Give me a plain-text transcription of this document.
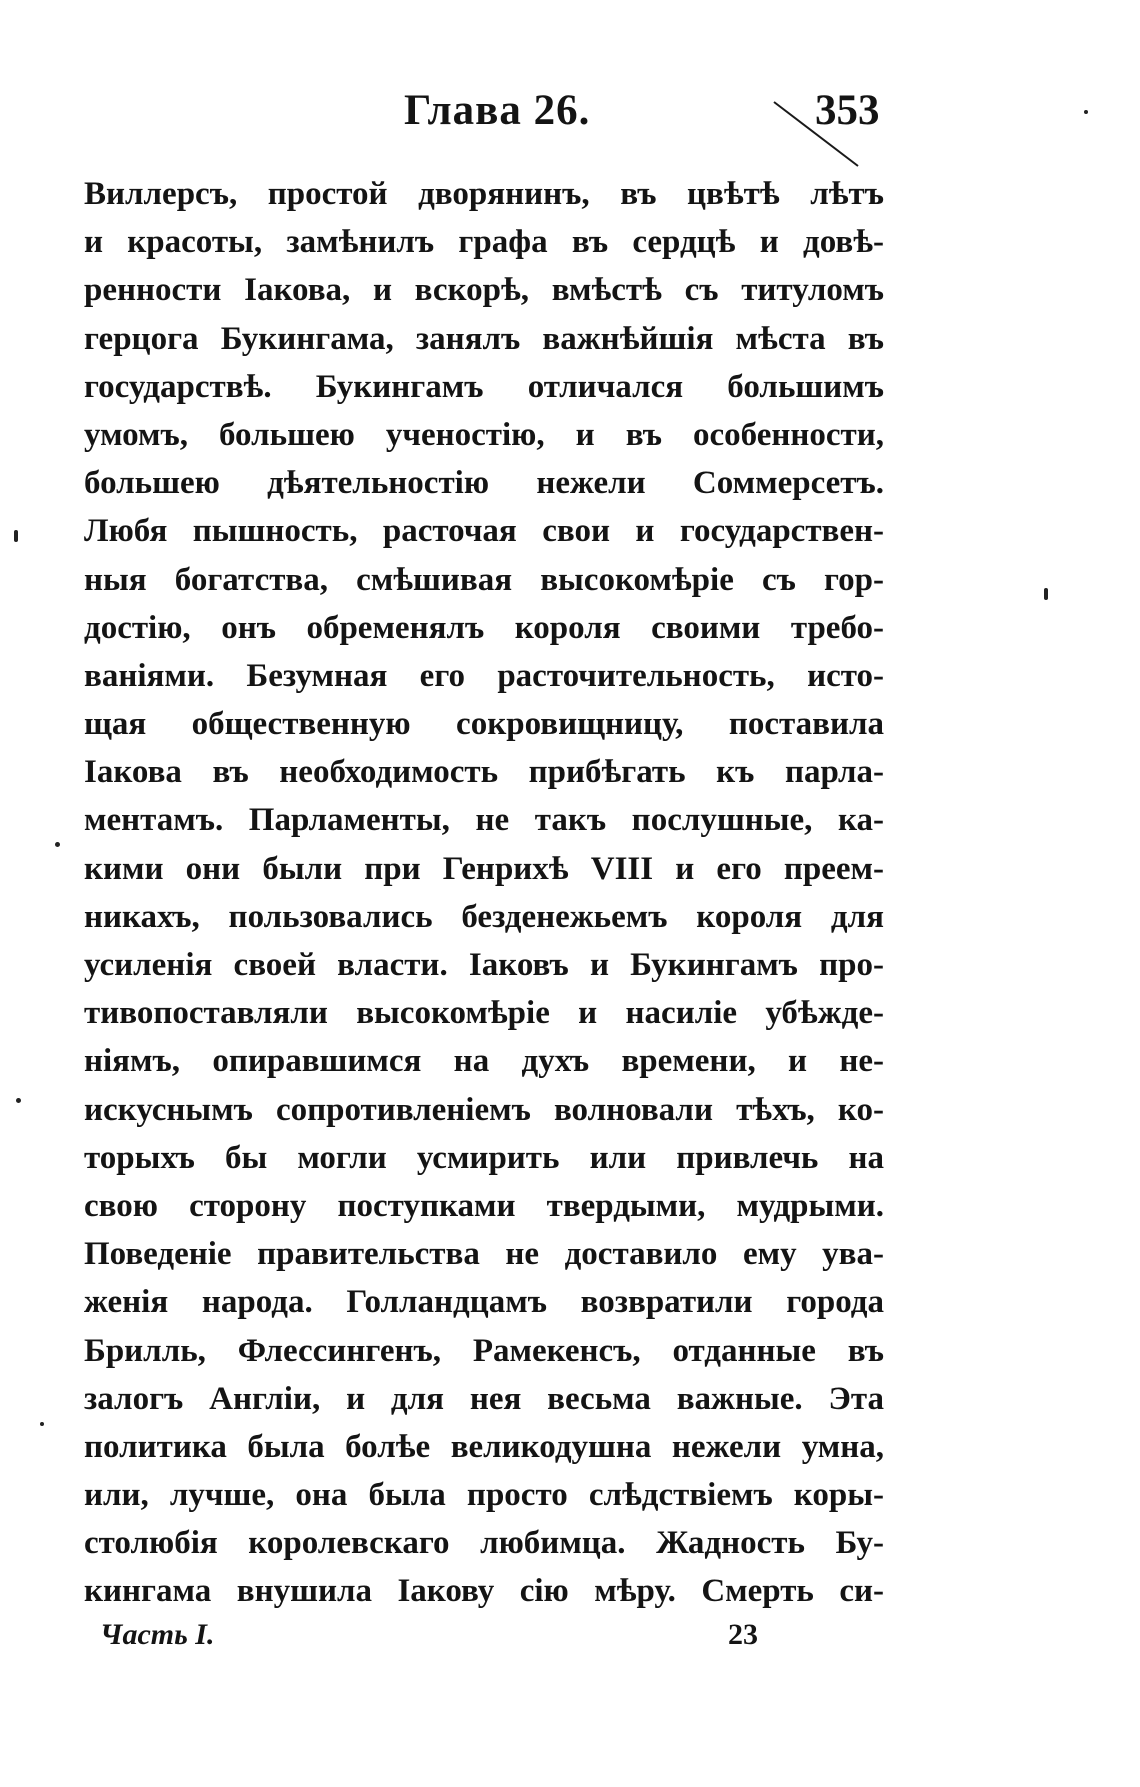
Глава 26.	353
Виллерсъ, простой дворянинъ, въ цвѣтѣ лѣтъ
и красоты, замѣнилъ графа въ сердцѣ и довѣ-
ренности Іакова, и вскорѣ, вмѣстѣ съ титуломъ
герцога Букингама, занялъ важнѣйшія мѣста въ
государствѣ. Букингамъ отличался большимъ
умомъ, большею ученостію, и въ особенности,
большею дѣятельностію нежели Соммерсетъ.
Любя пышность, расточая свои и государствен-
ныя богатства, смѣшивая высокомѣріе съ гор-
достію, онъ обременялъ короля своими требо-
ваніями. Безумная его расточительность, исто-
щая общественную сокровищницу, поставила
Іакова въ необходимость прибѣгать къ парла-
ментамъ. Парламенты, не такъ послушные, ка-
кими они были при Генрихѣ VIII и его преем-
никахъ, пользовались безденежьемъ короля для
усиленія своей власти. Іаковъ и Букингамъ про-
тивопоставляли высокомѣріе и насиліе убѣжде-
ніямъ, опиравшимся на духъ времени, и не-
искуснымъ сопротивленіемъ волновали тѣхъ, ко-
торыхъ бы могли усмирить или привлечь на
свою сторону поступками твердыми, мудрыми.
Поведеніе правительства не доставило ему ува-
женія народа. Голландцамъ возвратили города
Брилль, Флессингенъ, Рамекенсъ, отданные въ
залогъ Англіи, и для нея весьма важные. Эта
политика была болѣе великодушна нежели умна,
или, лучше, она была просто слѣдствіемъ коры-
столюбія королевскаго любимца. Жадность Бу-
кингама внушила Іакову сію мѣру. Смерть си-
Часть I.	23
